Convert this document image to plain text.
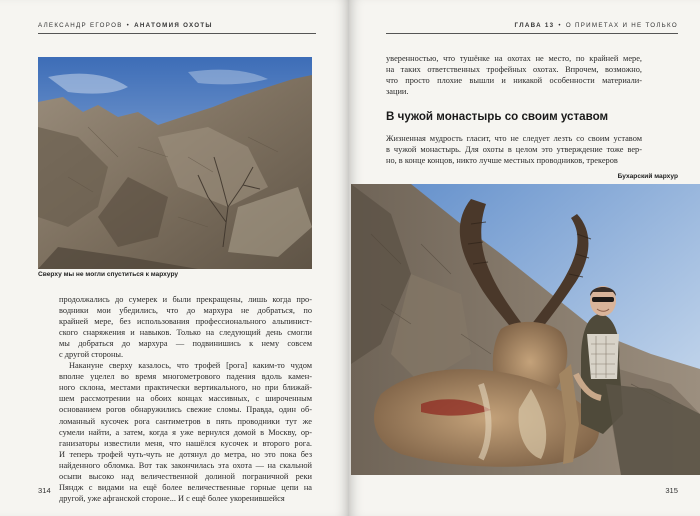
АЛЕКСАНДР ЕГОРОВ • АНАТОМИЯ ОХОТЫ
Сверху мы не могли спуститься к мархуру

продолжались до сумерек и были прекращены, лишь когда про-

водники мои убедились, что до мархура не добраться, по

крайней мере, без использования профессионального альпинист-

ского снаряжения и навыков. Только на следующий день смогли

мы добраться до мархура — подвинишись к нему совсем

с другой стороны.

Накануне сверху казалось, что трофей [рога] каким-то чудом

вполне уцелел во время многометрового падения вдоль камен-

ного склона, местами практически вертикального, но при ближай-

шем рассмотрении на обоих концах массивных, с широченным

основанием рогов обнаружились свежие сломы. Правда, один об-

ломанный кусочек рога сантиметров в пять проводники тут же

сумели найти, а затем, когда я уже вернулся домой в Москву, ор-

ганизаторы известили меня, что нашёлся кусочек и второго рога.

И теперь трофей чуть-чуть не дотянул до метра, но это пока без

найденного обломка. Вот так закончилась эта охота — на скальной

осыпи высоко над величественной долиной пограничной реки

Пяндж с видами на ещё более величественные горные цепи на

другой, уже афганской стороне... И с ещё более укоренившейся

314
ГЛАВА 13 • О ПРИМЕТАХ И НЕ ТОЛЬКО

уверенностью, что тушёнке на охотах не место, по крайней мере,

на таких ответственных трофейных охотах. Впрочем, возможно,

что просто плохие вышли и никакой особенности материали-

зации.

В чужой монастырь со своим уставом

Жизненная мудрость гласит, что не следует лезть со своим уставом

в чужой монастырь. Для охоты в целом это утверждение тоже вер-

но, в конце концов, никто лучше местных проводников, трекеров

Бухарский мархур
315
